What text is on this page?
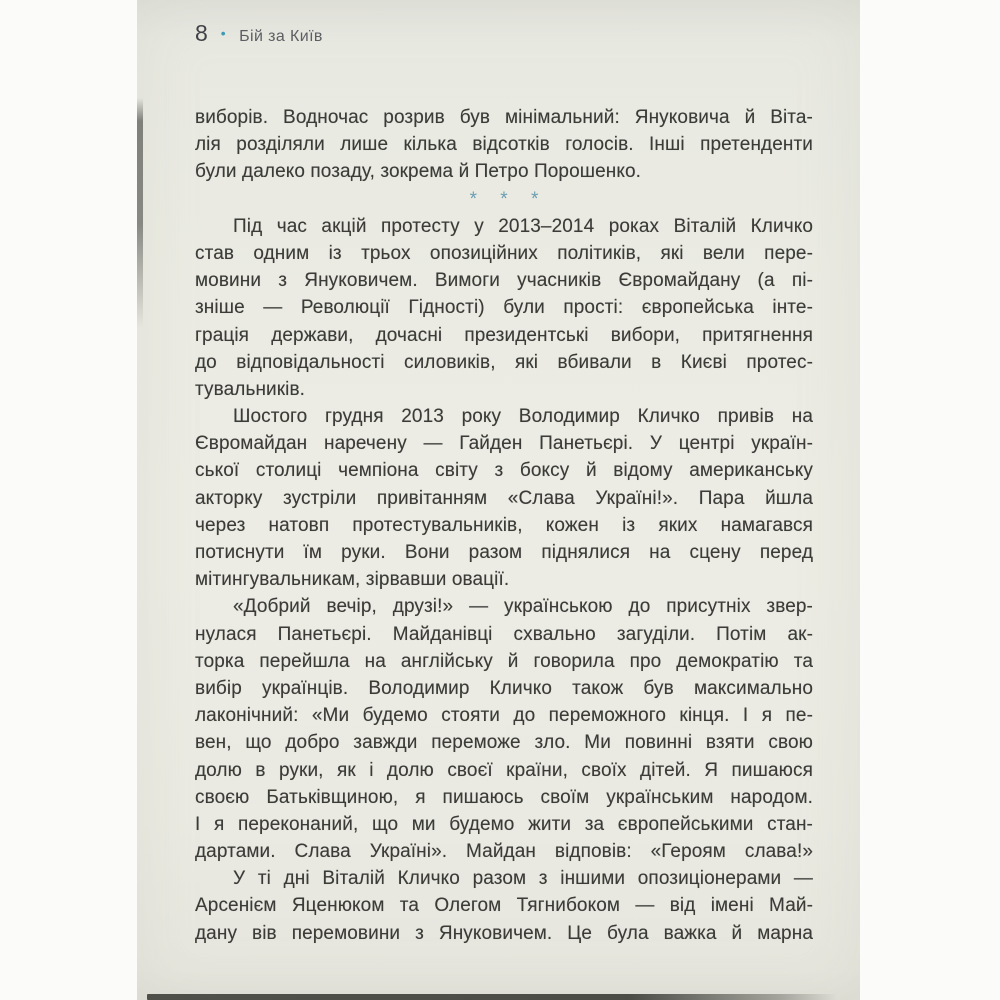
8 • Бій за Київ
виборів. Водночас розрив був мінімальний: Януковича й Віта-
лія розділяли лише кілька відсотків голосів. Інші претенденти
були далеко позаду, зокрема й Петро Порошенко.
* * *
Під час акцій протесту у 2013–2014 роках Віталій Кличко
став одним із трьох опозиційних політиків, які вели пере-
мовини з Януковичем. Вимоги учасників Євромайдану (а пі-
зніше — Революції Гідності) були прості: європейська інте-
грація держави, дочасні президентські вибори, притягнення
до відповідальності силовиків, які вбивали в Києві протес-
тувальників.
Шостого грудня 2013 року Володимир Кличко привів на
Євромайдан наречену — Гайден Панетьєрі. У центрі україн-
ської столиці чемпіона світу з боксу й відому американську
акторку зустріли привітанням «Слава Україні!». Пара йшла
через натовп протестувальників, кожен із яких намагався
потиснути їм руки. Вони разом піднялися на сцену перед
мітингувальникам, зірвавши овації.
«Добрий вечір, друзі!» — українською до присутніх звер-
нулася Панетьєрі. Майданівці схвально загуділи. Потім ак-
торка перейшла на англійську й говорила про демократію та
вибір українців. Володимир Кличко також був максимально
лаконічний: «Ми будемо стояти до переможного кінця. І я пе-
вен, що добро завжди переможе зло. Ми повинні взяти свою
долю в руки, як і долю своєї країни, своїх дітей. Я пишаюся
своєю Батьківщиною, я пишаюсь своїм українським народом.
І я переконаний, що ми будемо жити за європейськими стан-
дартами. Слава Україні». Майдан відповів: «Героям слава!»
У ті дні Віталій Кличко разом з іншими опозиціонерами —
Арсенієм Яценюком та Олегом Тягнибоком — від імені Май-
дану вів перемовини з Януковичем. Це була важка й марна
